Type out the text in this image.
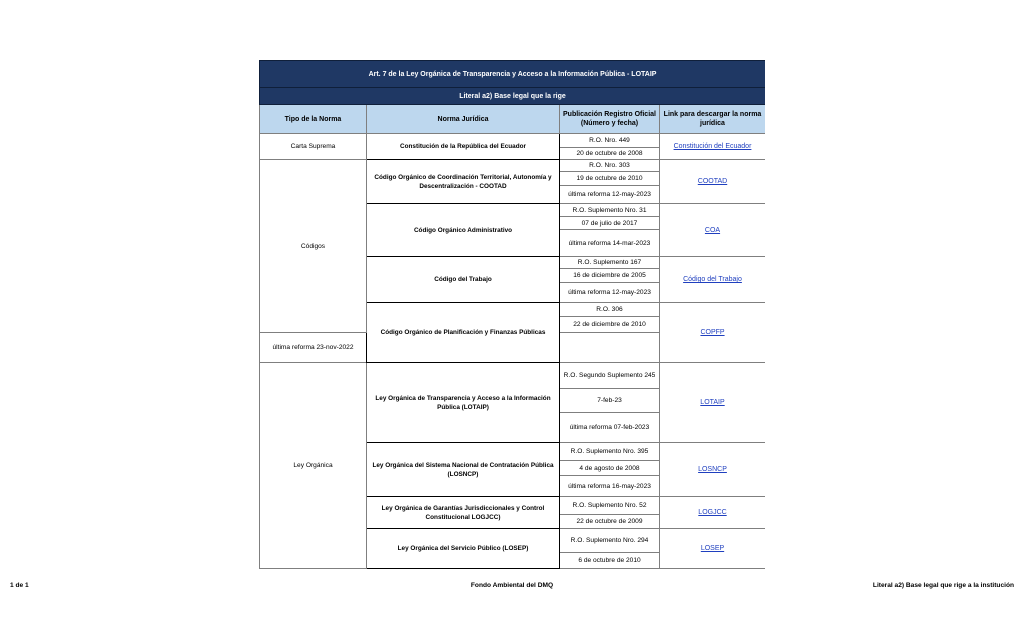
Art. 7 de la Ley Orgánica de Transparencia y Acceso a la Información Pública - LOTAIP			
Literal a2) Base legal que la rige			
Tipo de la Norma	Norma Jurídica	Publicación Registro Oficial (Número y fecha)	Link para descargar la norma jurídica
Carta Suprema	Constitución de la República del Ecuador	R.O. Nro. 449	Constitución del Ecuador
		20 de octubre de 2008	
Códigos	Código Orgánico de Coordinación Territorial, Autonomía y Descentralización - COOTAD	R.O. Nro. 303	COOTAD
		19 de octubre de 2010	
		última reforma 12-may-2023	
	Código Orgánico Administrativo	R.O. Suplemento Nro. 31	COA
		07 de julio de 2017	
		última reforma 14-mar-2023	
	Código del Trabajo	R.O. Suplemento 167	Código del Trabajo
		16 de diciembre de 2005	
		última reforma 12-may-2023	
	Código Orgánico de Planificación y Finanzas Públicas	R.O. 306	COPFP
		22 de diciembre de 2010	
última reforma 23-nov-2022			
Ley Orgánica	Ley Orgánica de Transparencia y Acceso a la Información Pública (LOTAIP)	R.O. Segundo Suplemento 245	LOTAIP
		7-feb-23	
		última reforma 07-feb-2023	
	Ley Orgánica del Sistema Nacional de Contratación Pública (LOSNCP)	R.O. Suplemento Nro. 395	LOSNCP
		4 de agosto de 2008	
		última reforma 16-may-2023	
	Ley Orgánica de Garantías Jurisdiccionales y Control Constitucional LOGJCC)	R.O. Suplemento Nro. 52	LOGJCC
		22 de octubre de 2009	
	Ley Orgánica del Servicio Público (LOSEP)	R.O. Suplemento Nro. 294	LOSEP
		6 de octubre de 2010	
1 de 1	Fondo Ambiental del DMQ	Literal a2) Base legal que rige a la institución
